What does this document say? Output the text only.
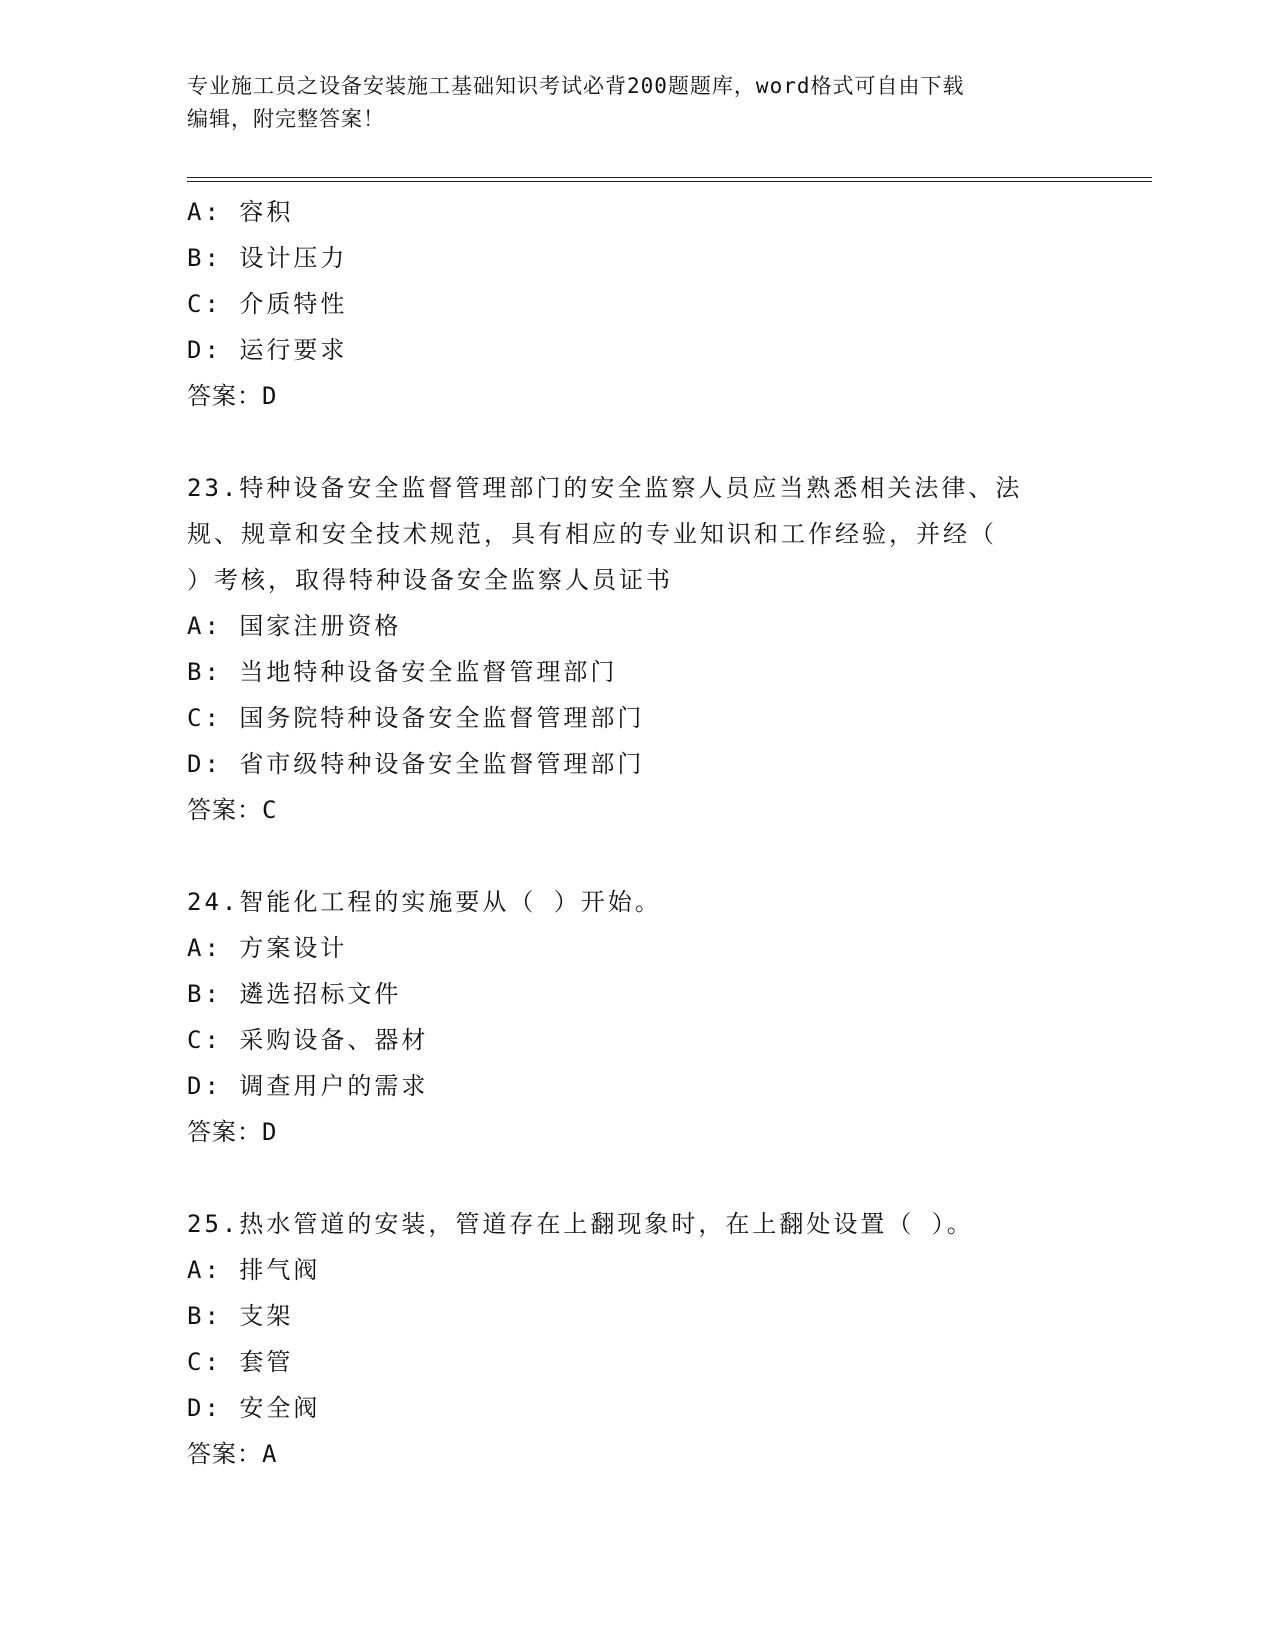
专业施工员之设备安装施工基础知识考试必背200题题库，word格式可自由下载
编辑，附完整答案！
A: 容积
B: 设计压力
C: 介质特性
D: 运行要求
答案：D
23.特种设备安全监督管理部门的安全监察人员应当熟悉相关法律、法
规、规章和安全技术规范，具有相应的专业知识和工作经验，并经（
）考核，取得特种设备安全监察人员证书
A: 国家注册资格
B: 当地特种设备安全监督管理部门
C: 国务院特种设备安全监督管理部门
D: 省市级特种设备安全监督管理部门
答案：C
24.智能化工程的实施要从（ ）开始。
A: 方案设计
B: 遴选招标文件
C: 采购设备、器材
D: 调查用户的需求
答案：D
25.热水管道的安装，管道存在上翻现象时，在上翻处设置（ ）。
A: 排气阀
B: 支架
C: 套管
D: 安全阀
答案：A
